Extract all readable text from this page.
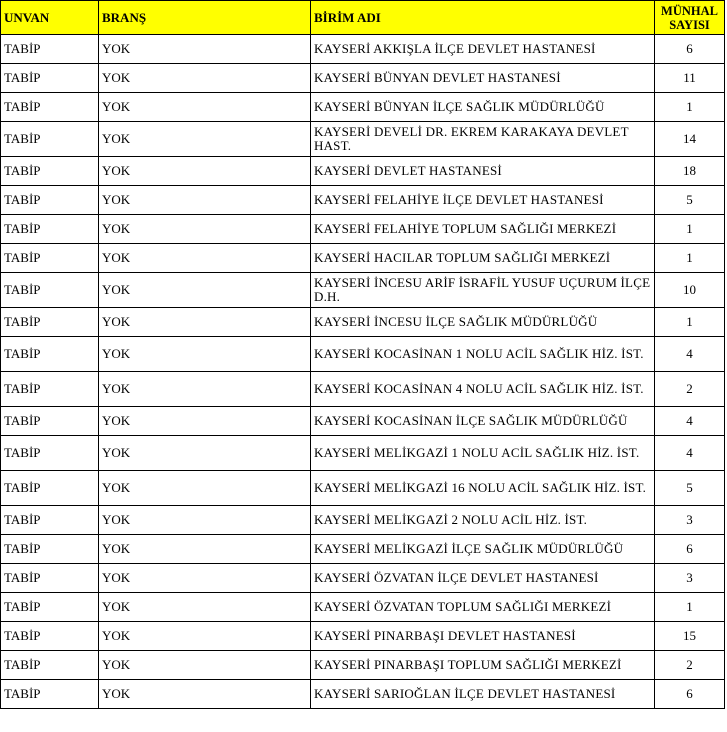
UNVAN	BRANŞ	BİRİM ADI	MÜNHAL
SAYISI
TABİP	YOK	KAYSERİ AKKIŞLA İLÇE DEVLET HASTANESİ	6
TABİP	YOK	KAYSERİ BÜNYAN DEVLET HASTANESİ	11
TABİP	YOK	KAYSERİ BÜNYAN İLÇE SAĞLIK MÜDÜRLÜĞÜ	1
TABİP	YOK	KAYSERİ DEVELİ DR. EKREM KARAKAYA DEVLET HAST.	14
TABİP	YOK	KAYSERİ DEVLET HASTANESİ	18
TABİP	YOK	KAYSERİ FELAHİYE İLÇE DEVLET HASTANESİ	5
TABİP	YOK	KAYSERİ FELAHİYE TOPLUM SAĞLIĞI MERKEZİ	1
TABİP	YOK	KAYSERİ HACILAR TOPLUM SAĞLIĞI MERKEZİ	1
TABİP	YOK	KAYSERİ İNCESU ARİF İSRAFİL YUSUF UÇURUM İLÇE D.H.	10
TABİP	YOK	KAYSERİ İNCESU İLÇE SAĞLIK MÜDÜRLÜĞÜ	1
TABİP	YOK	KAYSERİ KOCASİNAN 1 NOLU ACİL SAĞLIK HİZ. İST.	4
TABİP	YOK	KAYSERİ KOCASİNAN 4 NOLU ACİL SAĞLIK HİZ. İST.	2
TABİP	YOK	KAYSERİ KOCASİNAN İLÇE SAĞLIK MÜDÜRLÜĞÜ	4
TABİP	YOK	KAYSERİ MELİKGAZİ 1 NOLU ACİL SAĞLIK HİZ. İST.	4
TABİP	YOK	KAYSERİ MELİKGAZİ 16 NOLU ACİL SAĞLIK HİZ. İST.	5
TABİP	YOK	KAYSERİ MELİKGAZİ 2 NOLU ACİL HİZ. İST.	3
TABİP	YOK	KAYSERİ MELİKGAZİ İLÇE SAĞLIK MÜDÜRLÜĞÜ	6
TABİP	YOK	KAYSERİ ÖZVATAN İLÇE DEVLET HASTANESİ	3
TABİP	YOK	KAYSERİ ÖZVATAN TOPLUM SAĞLIĞI MERKEZİ	1
TABİP	YOK	KAYSERİ PINARBAŞI DEVLET HASTANESİ	15
TABİP	YOK	KAYSERİ PINARBAŞI TOPLUM SAĞLIĞI MERKEZİ	2
TABİP	YOK	KAYSERİ SARIOĞLAN İLÇE DEVLET HASTANESİ	6
